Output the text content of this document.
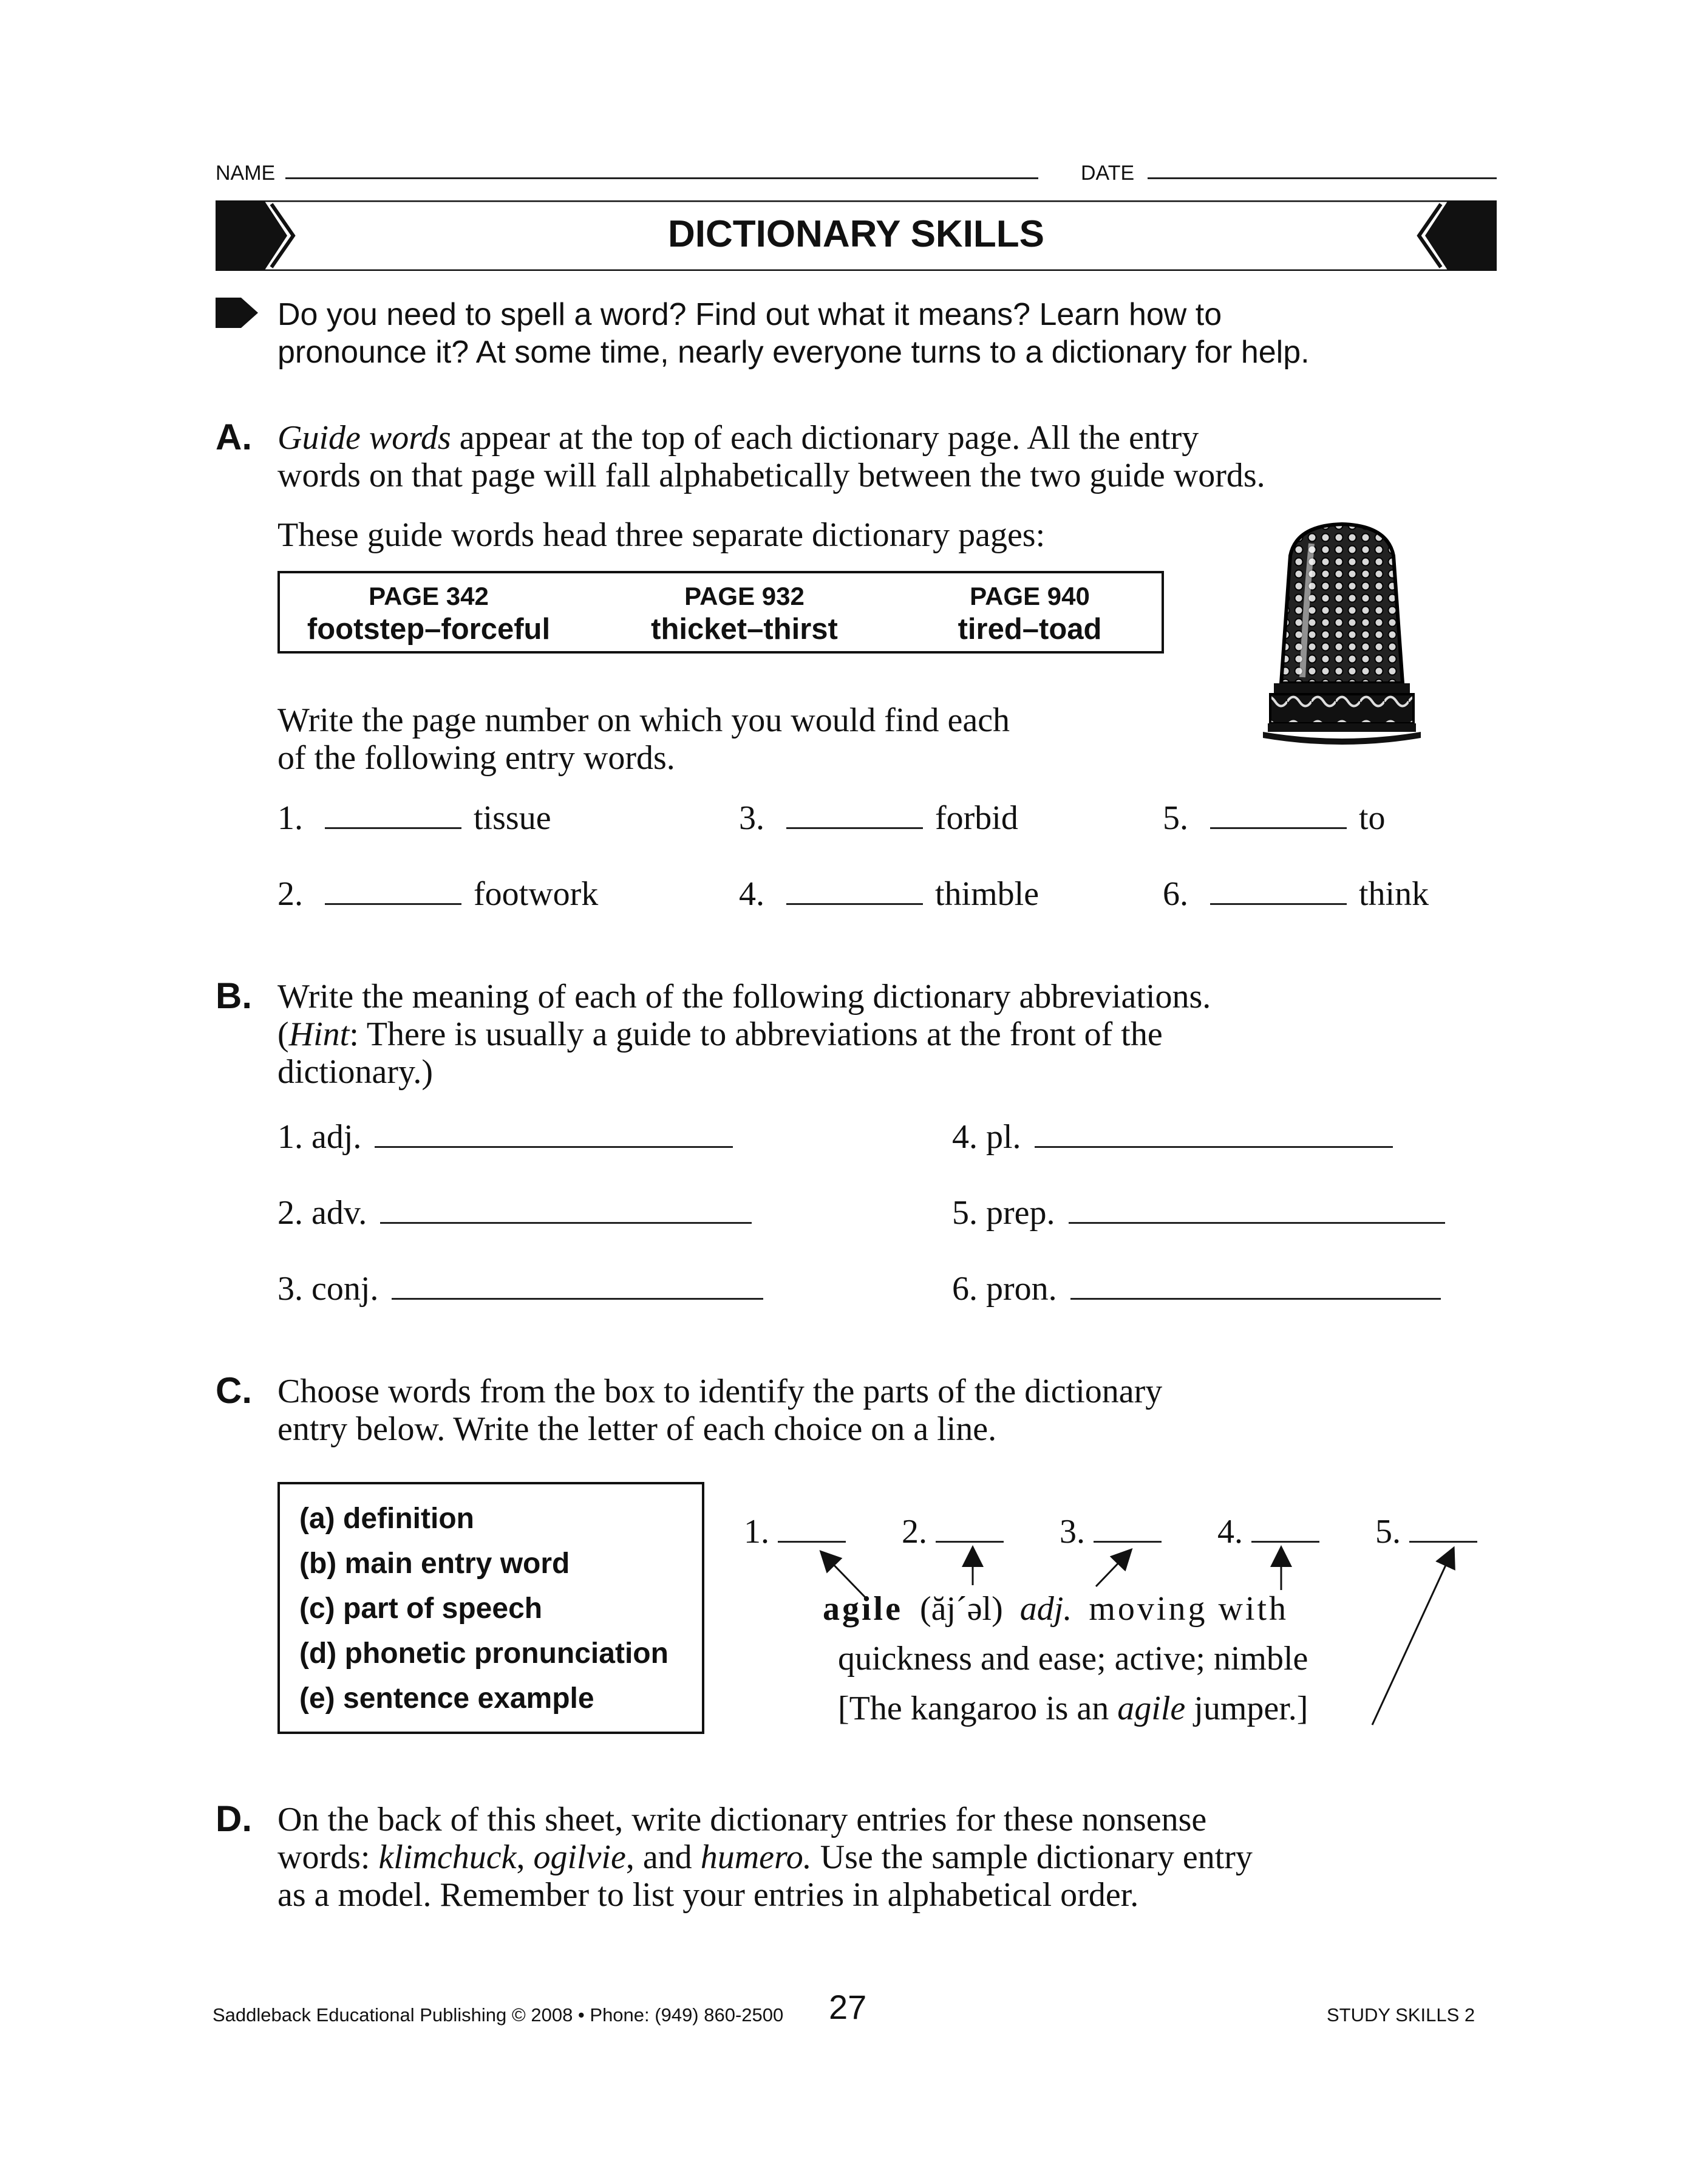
NAME	DATE
DICTIONARY SKILLS
Do you need to spell a word? Find out what it means? Learn how to
pronounce it? At some time, nearly everyone turns to a dictionary for help.
A. Guide words appear at the top of each dictionary page. All the entry
words on that page will fall alphabetically between the two guide words.
These guide words head three separate dictionary pages:
PAGE 342
footstep–forceful
PAGE 932
thicket–thirst
PAGE 940
tired–toad
Write the page number on which you would find each
of the following entry words.
1.	tissue
2.	footwork
3.	forbid
4.	thimble
5.	to
6.	think
B. Write the meaning of each of the following dictionary abbreviations.
(Hint: There is usually a guide to abbreviations at the front of the
dictionary.)
1. adj.
2. adv.
3. conj.
4. pl.
5. prep.
6. pron.
C. Choose words from the box to identify the parts of the dictionary
entry below. Write the letter of each choice on a line.
(a) definition
(b) main entry word
(c) part of speech
(d) phonetic pronunciation
(e) sentence example
1.	2.	3.	4.	5.
agile (ăj´əl) adj. moving with
quickness and ease; active; nimble
[The kangaroo is an agile jumper.]
D. On the back of this sheet, write dictionary entries for these nonsense
words: klimchuck, ogilvie, and humero. Use the sample dictionary entry
as a model. Remember to list your entries in alphabetical order.
Saddleback Educational Publishing © 2008 • Phone: (949) 860-2500 27	STUDY SKILLS 2
